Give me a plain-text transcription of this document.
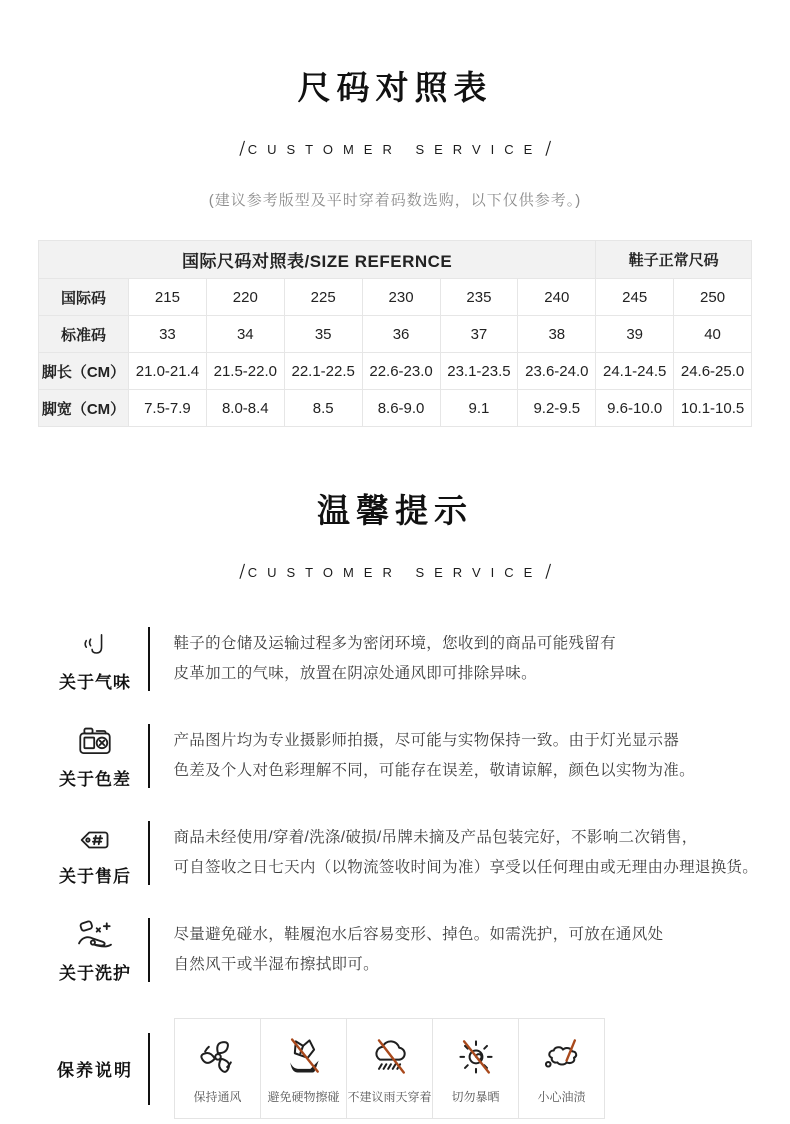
尺码对照表
/ CUSTOMER SERVICE /
(建议参考版型及平时穿着码数选购，以下仅供参考。)
国际尺码对照表/SIZE REFERNCE							鞋子正常尺码	
国际码	215	220	225	230	235	240	245	250
标准码	33	34	35	36	37	38	39	40
脚长（CM）	21.0-21.4	21.5-22.0	22.1-22.5	22.6-23.0	23.1-23.5	23.6-24.0	24.1-24.5	24.6-25.0
脚宽（CM）	7.5-7.9	8.0-8.4	8.5	8.6-9.0	9.1	9.2-9.5	9.6-10.0	10.1-10.5
温馨提示
/ CUSTOMER SERVICE /
关于气味
鞋子的仓储及运输过程多为密闭环境，您收到的商品可能残留有
皮革加工的气味，放置在阴凉处通风即可排除异味。
关于色差
产品图片均为专业摄影师拍摄，尽可能与实物保持一致。由于灯光显示器
色差及个人对色彩理解不同，可能存在误差，敬请谅解，颜色以实物为准。
关于售后
商品未经使用/穿着/洗涤/破损/吊牌未摘及产品包装完好，不影响二次销售，
可自签收之日七天内（以物流签收时间为准）享受以任何理由或无理由办理退换货。
关于洗护
尽量避免碰水，鞋履泡水后容易变形、掉色。如需洗护，可放在通风处
自然风干或半湿布擦拭即可。
保养说明
保持通风 避免硬物擦碰 不建议雨天穿着 切勿暴晒	小心油渍
